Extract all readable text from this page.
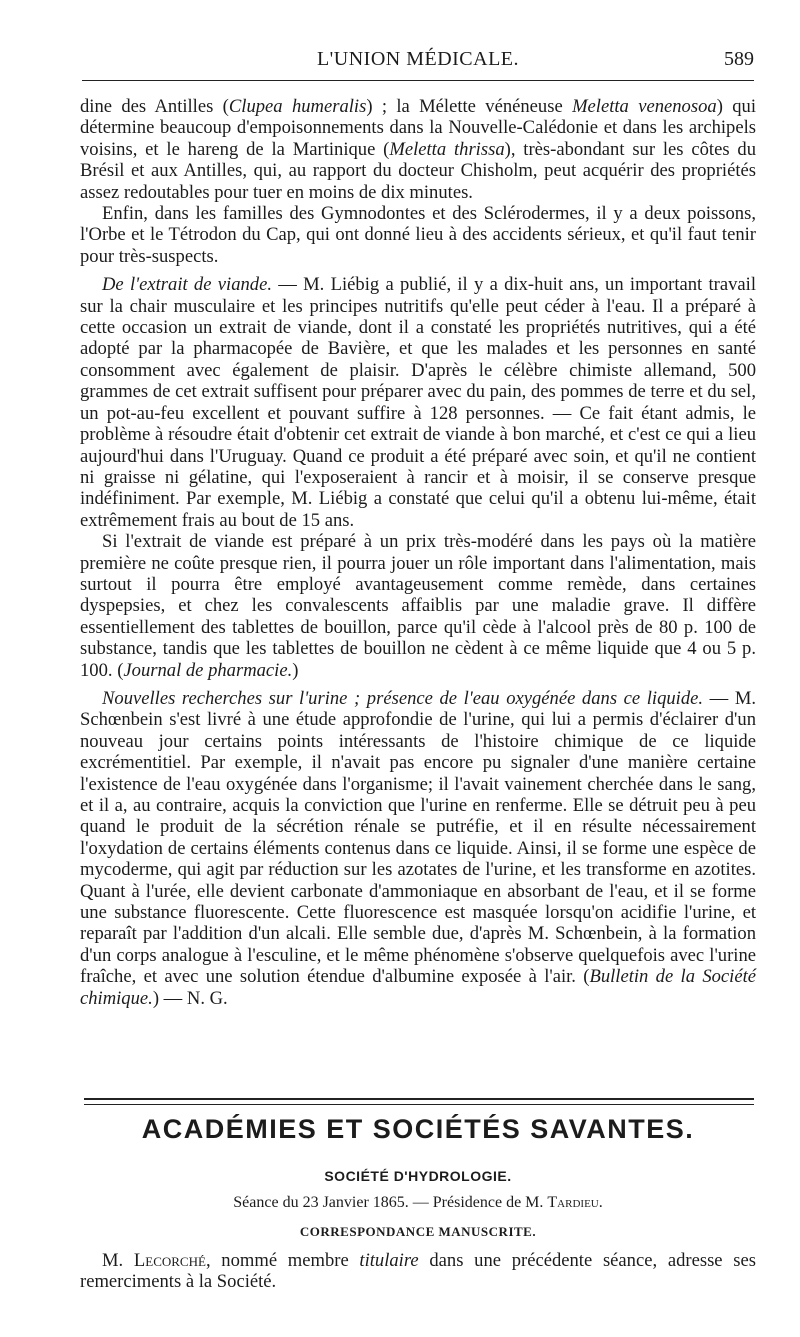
L'UNION MÉDICALE.	589

dine des Antilles (Clupea humeralis) ; la Mélette vénéneuse Meletta venenosoa) qui détermine beaucoup d'empoisonnements dans la Nouvelle-Calédonie et dans les archipels voisins, et le hareng de la Martinique (Meletta thrissa), très-abondant sur les côtes du Brésil et aux Antilles, qui, au rapport du docteur Chisholm, peut acquérir des propriétés assez redoutables pour tuer en moins de dix minutes.

Enfin, dans les familles des Gymnodontes et des Sclérodermes, il y a deux poissons, l'Orbe et le Tétrodon du Cap, qui ont donné lieu à des accidents sérieux, et qu'il faut tenir pour très-suspects.

De l'extrait de viande. — M. Liébig a publié, il y a dix-huit ans, un important travail sur la chair musculaire et les principes nutritifs qu'elle peut céder à l'eau. Il a préparé à cette occasion un extrait de viande, dont il a constaté les propriétés nutritives, qui a été adopté par la pharmacopée de Bavière, et que les malades et les personnes en santé consomment avec également de plaisir. D'après le célèbre chimiste allemand, 500 grammes de cet extrait suffisent pour préparer avec du pain, des pommes de terre et du sel, un pot-au-feu excellent et pouvant suffire à 128 personnes. — Ce fait étant admis, le problème à résoudre était d'obtenir cet extrait de viande à bon marché, et c'est ce qui a lieu aujourd'hui dans l'Uruguay. Quand ce produit a été préparé avec soin, et qu'il ne contient ni graisse ni gélatine, qui l'exposeraient à rancir et à moisir, il se conserve presque indéfiniment. Par exemple, M. Liébig a constaté que celui qu'il a obtenu lui-même, était extrêmement frais au bout de 15 ans.

Si l'extrait de viande est préparé à un prix très-modéré dans les pays où la matière première ne coûte presque rien, il pourra jouer un rôle important dans l'alimentation, mais surtout il pourra être employé avantageusement comme remède, dans certaines dyspepsies, et chez les convalescents affaiblis par une maladie grave. Il diffère essentiellement des tablettes de bouillon, parce qu'il cède à l'alcool près de 80 p. 100 de substance, tandis que les tablettes de bouillon ne cèdent à ce même liquide que 4 ou 5 p. 100. (Journal de pharmacie.)

Nouvelles recherches sur l'urine ; présence de l'eau oxygénée dans ce liquide. — M. Schœnbein s'est livré à une étude approfondie de l'urine, qui lui a permis d'éclairer d'un nouveau jour certains points intéressants de l'histoire chimique de ce liquide excrémentitiel. Par exemple, il n'avait pas encore pu signaler d'une manière certaine l'existence de l'eau oxygénée dans l'organisme; il l'avait vainement cherchée dans le sang, et il a, au contraire, acquis la conviction que l'urine en renferme. Elle se détruit peu à peu quand le produit de la sécrétion rénale se putréfie, et il en résulte nécessairement l'oxydation de certains éléments contenus dans ce liquide. Ainsi, il se forme une espèce de mycoderme, qui agit par réduction sur les azotates de l'urine, et les transforme en azotites. Quant à l'urée, elle devient carbonate d'ammoniaque en absorbant de l'eau, et il se forme une substance fluorescente. Cette fluorescence est masquée lorsqu'on acidifie l'urine, et reparaît par l'addition d'un alcali. Elle semble due, d'après M. Schœnbein, à la formation d'un corps analogue à l'esculine, et le même phénomène s'observe quelquefois avec l'urine fraîche, et avec une solution étendue d'albumine exposée à l'air. (Bulletin de la Société chimique.) — N. G.

ACADÉMIES ET SOCIÉTÉS SAVANTES.
SOCIÉTÉ D'HYDROLOGIE.
Séance du 23 Janvier 1865. — Présidence de M. Tardieu.
CORRESPONDANCE MANUSCRITE.
M. Lecorché, nommé membre titulaire dans une précédente séance, adresse ses remerciments à la Société.
